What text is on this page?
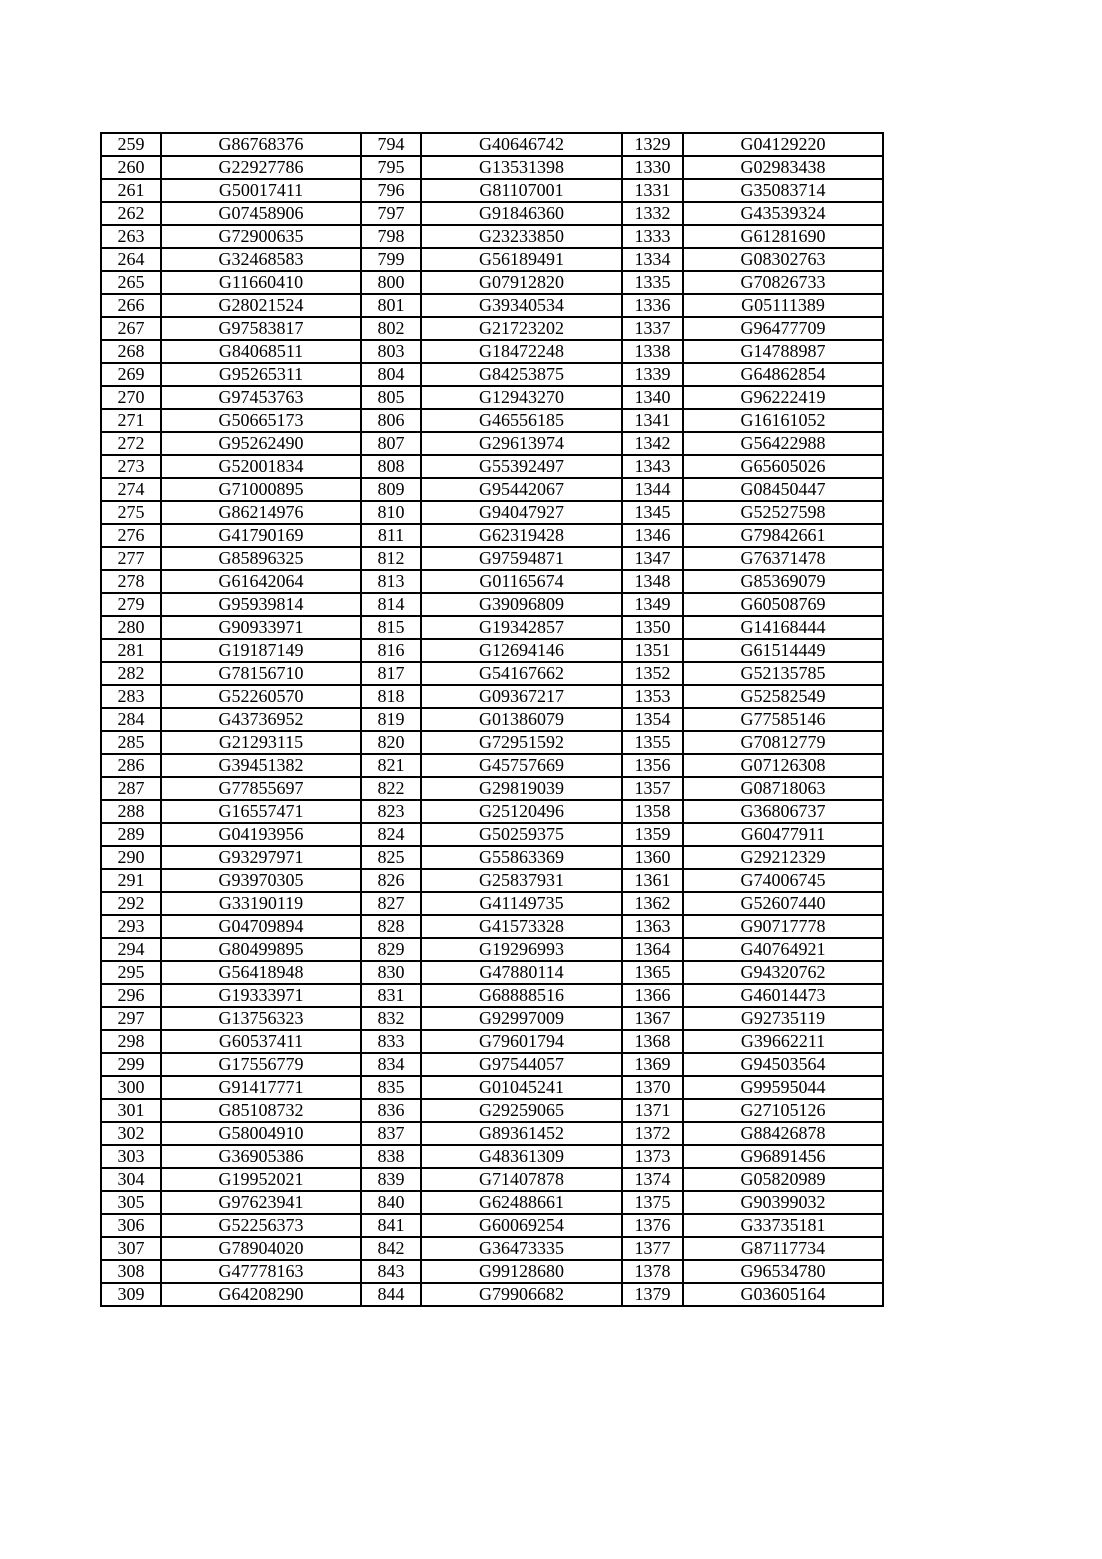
259	G86768376	794	G40646742	1329	G04129220
260	G22927786	795	G13531398	1330	G02983438
261	G50017411	796	G81107001	1331	G35083714
262	G07458906	797	G91846360	1332	G43539324
263	G72900635	798	G23233850	1333	G61281690
264	G32468583	799	G56189491	1334	G08302763
265	G11660410	800	G07912820	1335	G70826733
266	G28021524	801	G39340534	1336	G05111389
267	G97583817	802	G21723202	1337	G96477709
268	G84068511	803	G18472248	1338	G14788987
269	G95265311	804	G84253875	1339	G64862854
270	G97453763	805	G12943270	1340	G96222419
271	G50665173	806	G46556185	1341	G16161052
272	G95262490	807	G29613974	1342	G56422988
273	G52001834	808	G55392497	1343	G65605026
274	G71000895	809	G95442067	1344	G08450447
275	G86214976	810	G94047927	1345	G52527598
276	G41790169	811	G62319428	1346	G79842661
277	G85896325	812	G97594871	1347	G76371478
278	G61642064	813	G01165674	1348	G85369079
279	G95939814	814	G39096809	1349	G60508769
280	G90933971	815	G19342857	1350	G14168444
281	G19187149	816	G12694146	1351	G61514449
282	G78156710	817	G54167662	1352	G52135785
283	G52260570	818	G09367217	1353	G52582549
284	G43736952	819	G01386079	1354	G77585146
285	G21293115	820	G72951592	1355	G70812779
286	G39451382	821	G45757669	1356	G07126308
287	G77855697	822	G29819039	1357	G08718063
288	G16557471	823	G25120496	1358	G36806737
289	G04193956	824	G50259375	1359	G60477911
290	G93297971	825	G55863369	1360	G29212329
291	G93970305	826	G25837931	1361	G74006745
292	G33190119	827	G41149735	1362	G52607440
293	G04709894	828	G41573328	1363	G90717778
294	G80499895	829	G19296993	1364	G40764921
295	G56418948	830	G47880114	1365	G94320762
296	G19333971	831	G68888516	1366	G46014473
297	G13756323	832	G92997009	1367	G92735119
298	G60537411	833	G79601794	1368	G39662211
299	G17556779	834	G97544057	1369	G94503564
300	G91417771	835	G01045241	1370	G99595044
301	G85108732	836	G29259065	1371	G27105126
302	G58004910	837	G89361452	1372	G88426878
303	G36905386	838	G48361309	1373	G96891456
304	G19952021	839	G71407878	1374	G05820989
305	G97623941	840	G62488661	1375	G90399032
306	G52256373	841	G60069254	1376	G33735181
307	G78904020	842	G36473335	1377	G87117734
308	G47778163	843	G99128680	1378	G96534780
309	G64208290	844	G79906682	1379	G03605164
